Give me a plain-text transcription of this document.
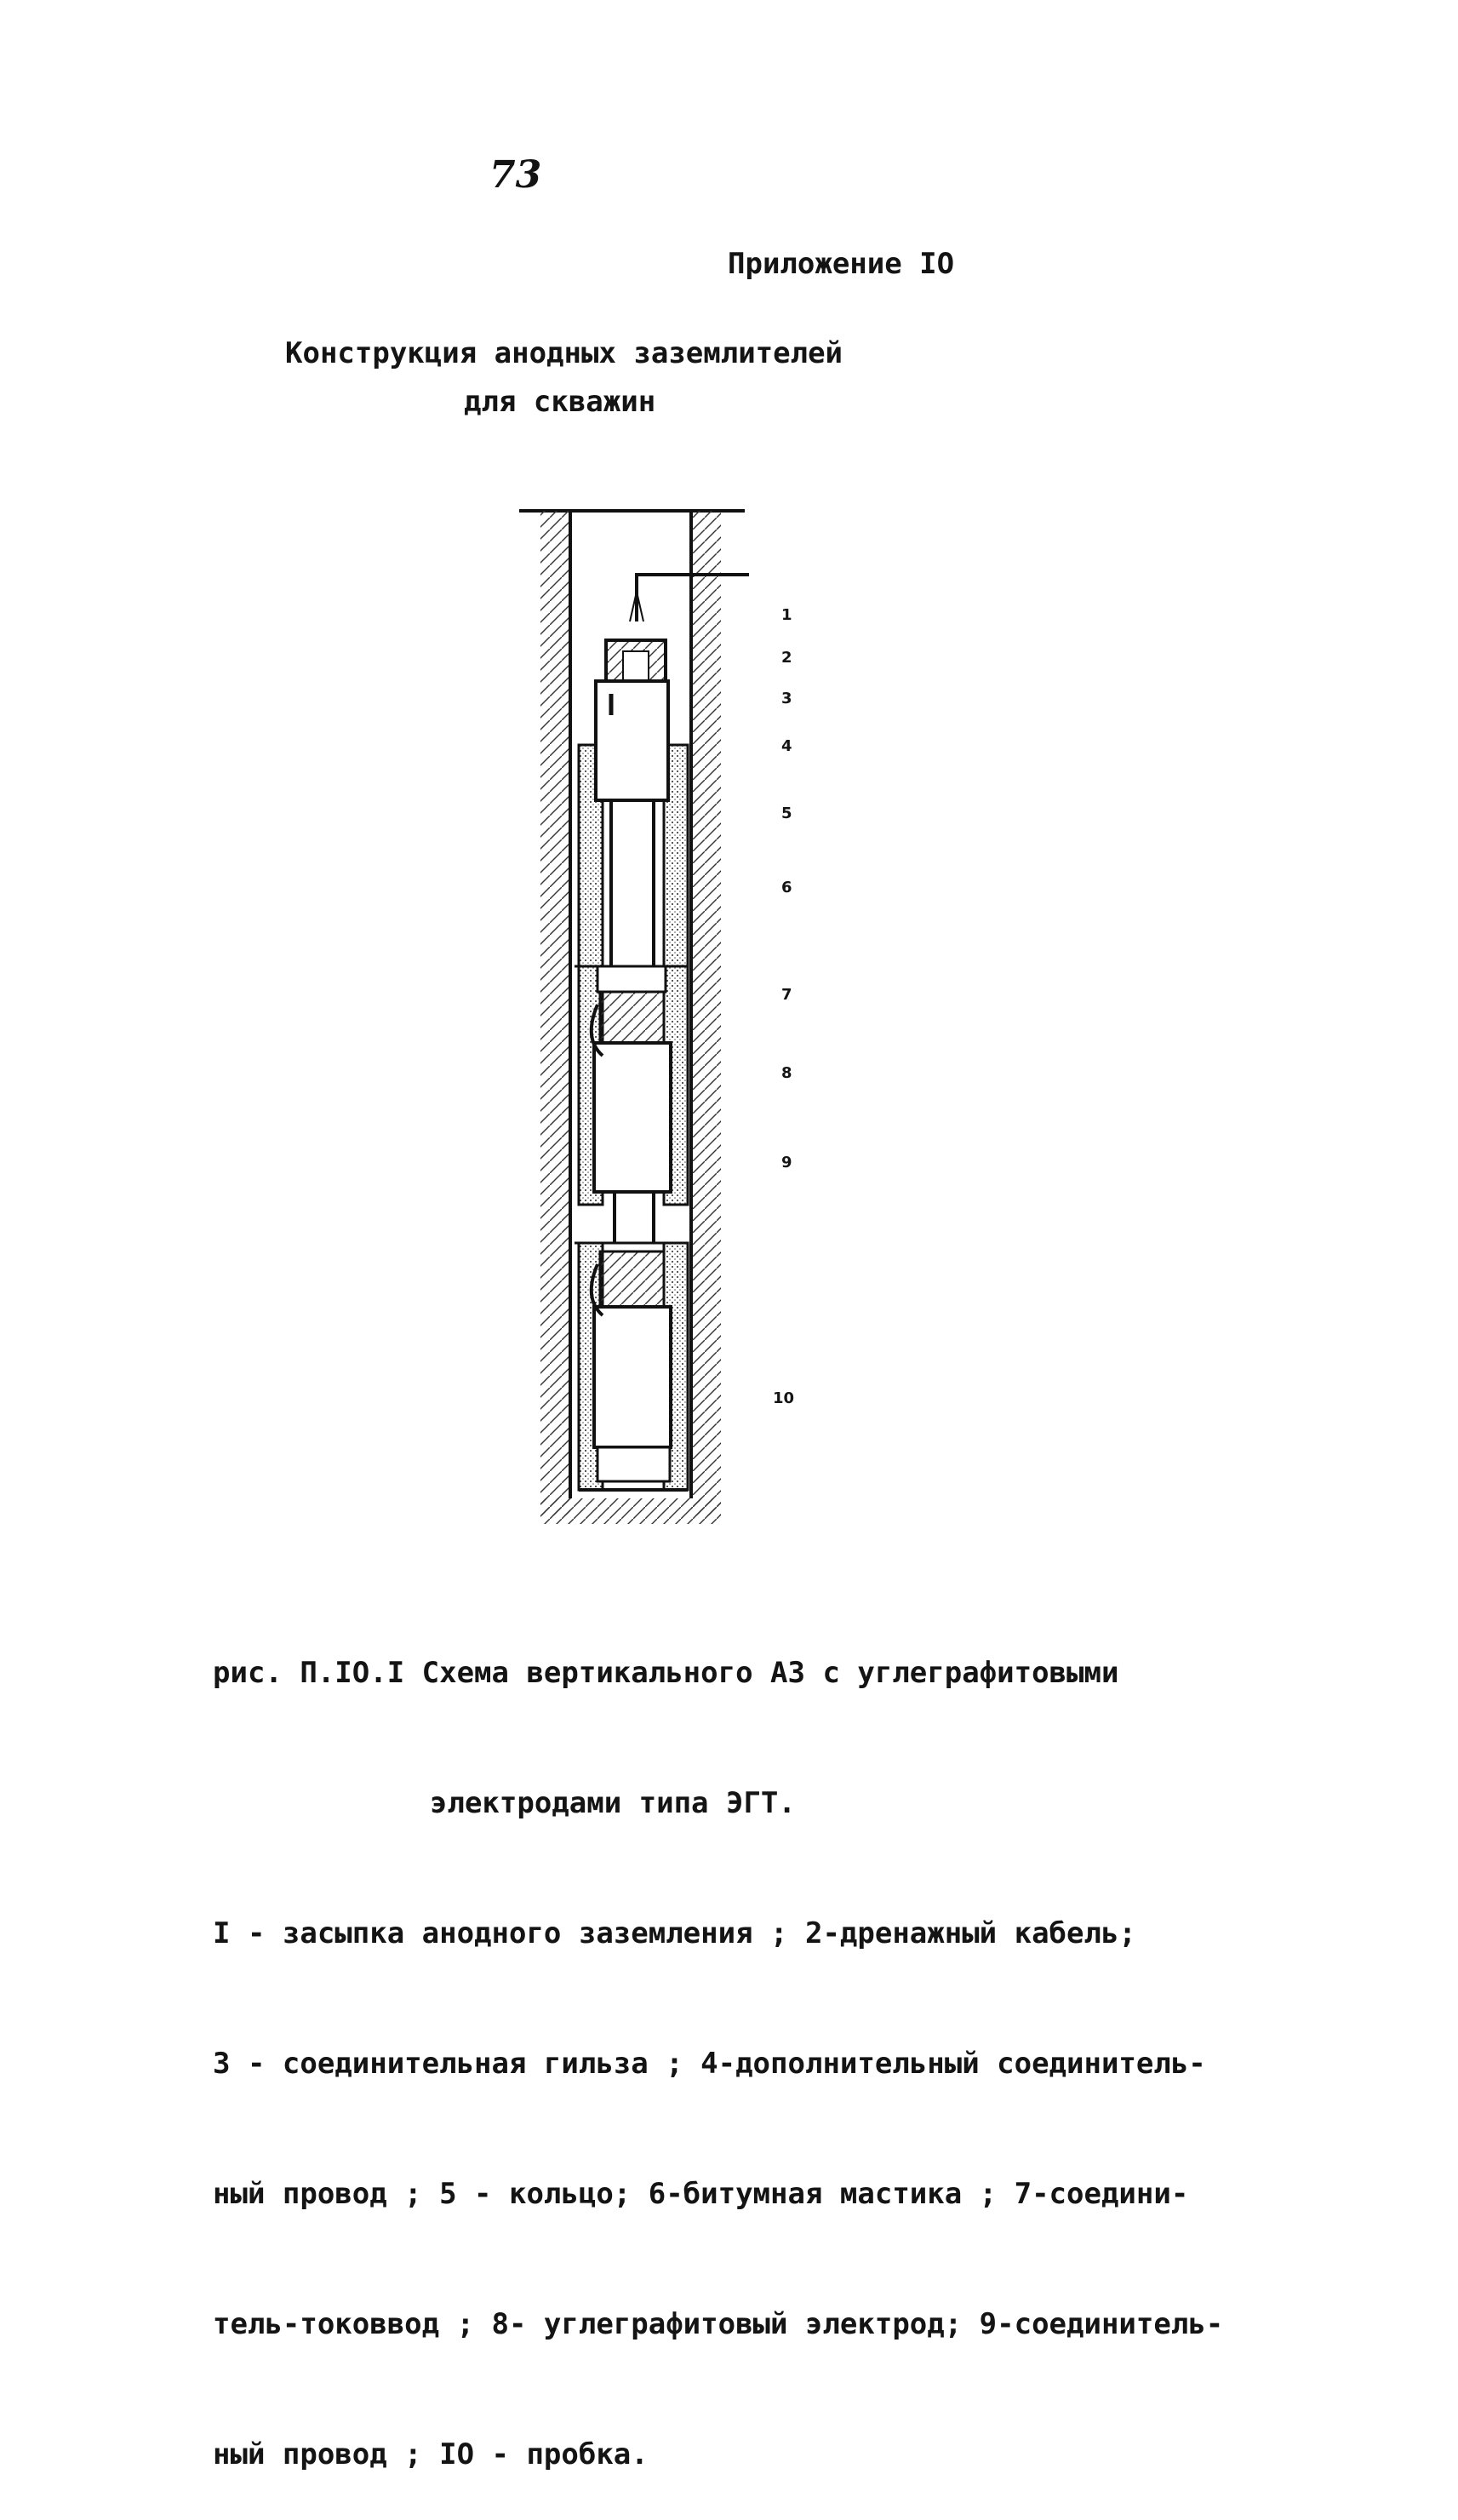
73
Приложение IO
Конструкция анодных заземлителей
для скважин
1
2
3
4
5
6
7
8
9
10

рис. П.IO.I Схема вертикального АЗ с углеграфитовыми

электродами типа ЭГТ.

I - засыпка анодного заземления ; 2-дренажный кабель;

3 - соединительная гильза ; 4-дополнительный соединитель-

ный провод ; 5 - кольцо; 6-битумная мастика ; 7-соедини-

тель-токоввод ; 8- углеграфитовый электрод; 9-соединитель-

ный провод ; IO - пробка.
